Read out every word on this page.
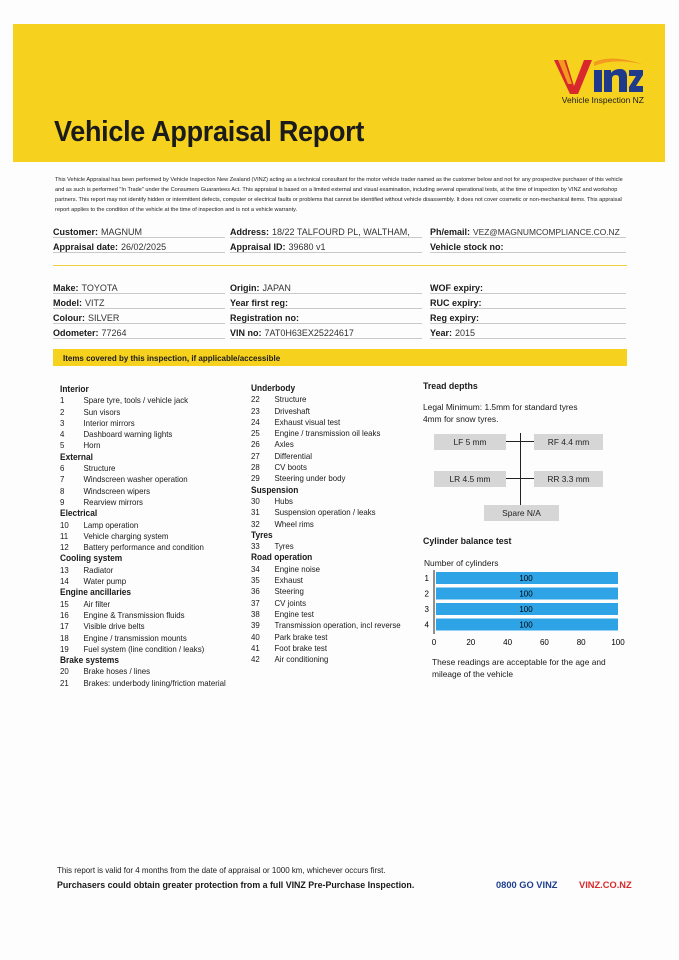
Vehicle Appraisal Report
Vehicle Inspection NZ
This Vehicle Appraisal has been performed by Vehicle Inspection New Zealand (VINZ) acting as a technical consultant for the motor vehicle trader named as the customer below and not for any prospective purchaser of this vehicle and as such is performed "In Trade" under the Consumers Guarantees Act. This appraisal is based on a limited external and visual examination, including several operational tests, at the time of inspection by VINZ and workshop partners. This report may not identify hidden or intermittent defects, computer or electrical faults or problems that cannot be identified without vehicle disassembly. It does not cover cosmetic or non-mechanical items. This appraisal report applies to the condition of the vehicle at the time of inspection and is not a vehicle warranty.
Customer: MAGNUM	Address: 18/22 TALFOURD PL, WALTHAM, Ph/email: VEZ@MAGNUMCOMPLIANCE.CO.NZ
Appraisal date: 26/02/2025	Appraisal ID: 39680 v1	Vehicle stock no:
Make: TOYOTA	Origin: JAPAN	WOF expiry:
Model: VITZ	Year first reg:	RUC expiry:
Colour: SILVER	Registration no:	Reg expiry:
Odometer: 77264	VIN no: 7AT0H63EX25224617	Year: 2015
Items covered by this inspection, if applicable/accessible
Interior
1 Spare tyre, tools / vehicle jack
2 Sun visors
3 Interior mirrors
4 Dashboard warning lights
5 Horn
External
6 Structure
7 Windscreen washer operation
8 Windscreen wipers
9 Rearview mirrors
Electrical
10 Lamp operation
11 Vehicle charging system
12 Battery performance and condition
Cooling system
13 Radiator
14 Water pump
Engine ancillaries
15 Air filter
16 Engine & Transmission fluids
17 Visible drive belts
18 Engine / transmission mounts
19 Fuel system (line condition / leaks)
Brake systems
20 Brake hoses / lines
21 Brakes: underbody lining/friction material
Underbody
22 Structure
23 Driveshaft
24 Exhaust visual test
25 Engine / transmission oil leaks
26 Axles
27 Differential
28 CV boots
29 Steering under body
Suspension
30 Hubs
31 Suspension operation / leaks
32 Wheel rims
Tyres
33 Tyres
Road operation
34 Engine noise
35 Exhaust
36 Steering
37 CV joints
38 Engine test
39 Transmission operation, incl reverse
40 Park brake test
41 Foot brake test
42 Air conditioning
Tread depths
Legal Minimum: 1.5mm for standard tyres
4mm for snow tyres.
LF 5 mm	RF 4.4 mm
LR 4.5 mm	RR 3.3 mm
Spare N/A
Cylinder balance test
Number of cylinders
1	100
2	100
3	100
4	100
0	20	40	60	80	100
These readings are acceptable for the age and mileage of the vehicle
This report is valid for 4 months from the date of appraisal or 1000 km, whichever occurs first.
Purchasers could obtain greater protection from a full VINZ Pre-Purchase Inspection.	0800 GO VINZ VINZ.CO.NZ
